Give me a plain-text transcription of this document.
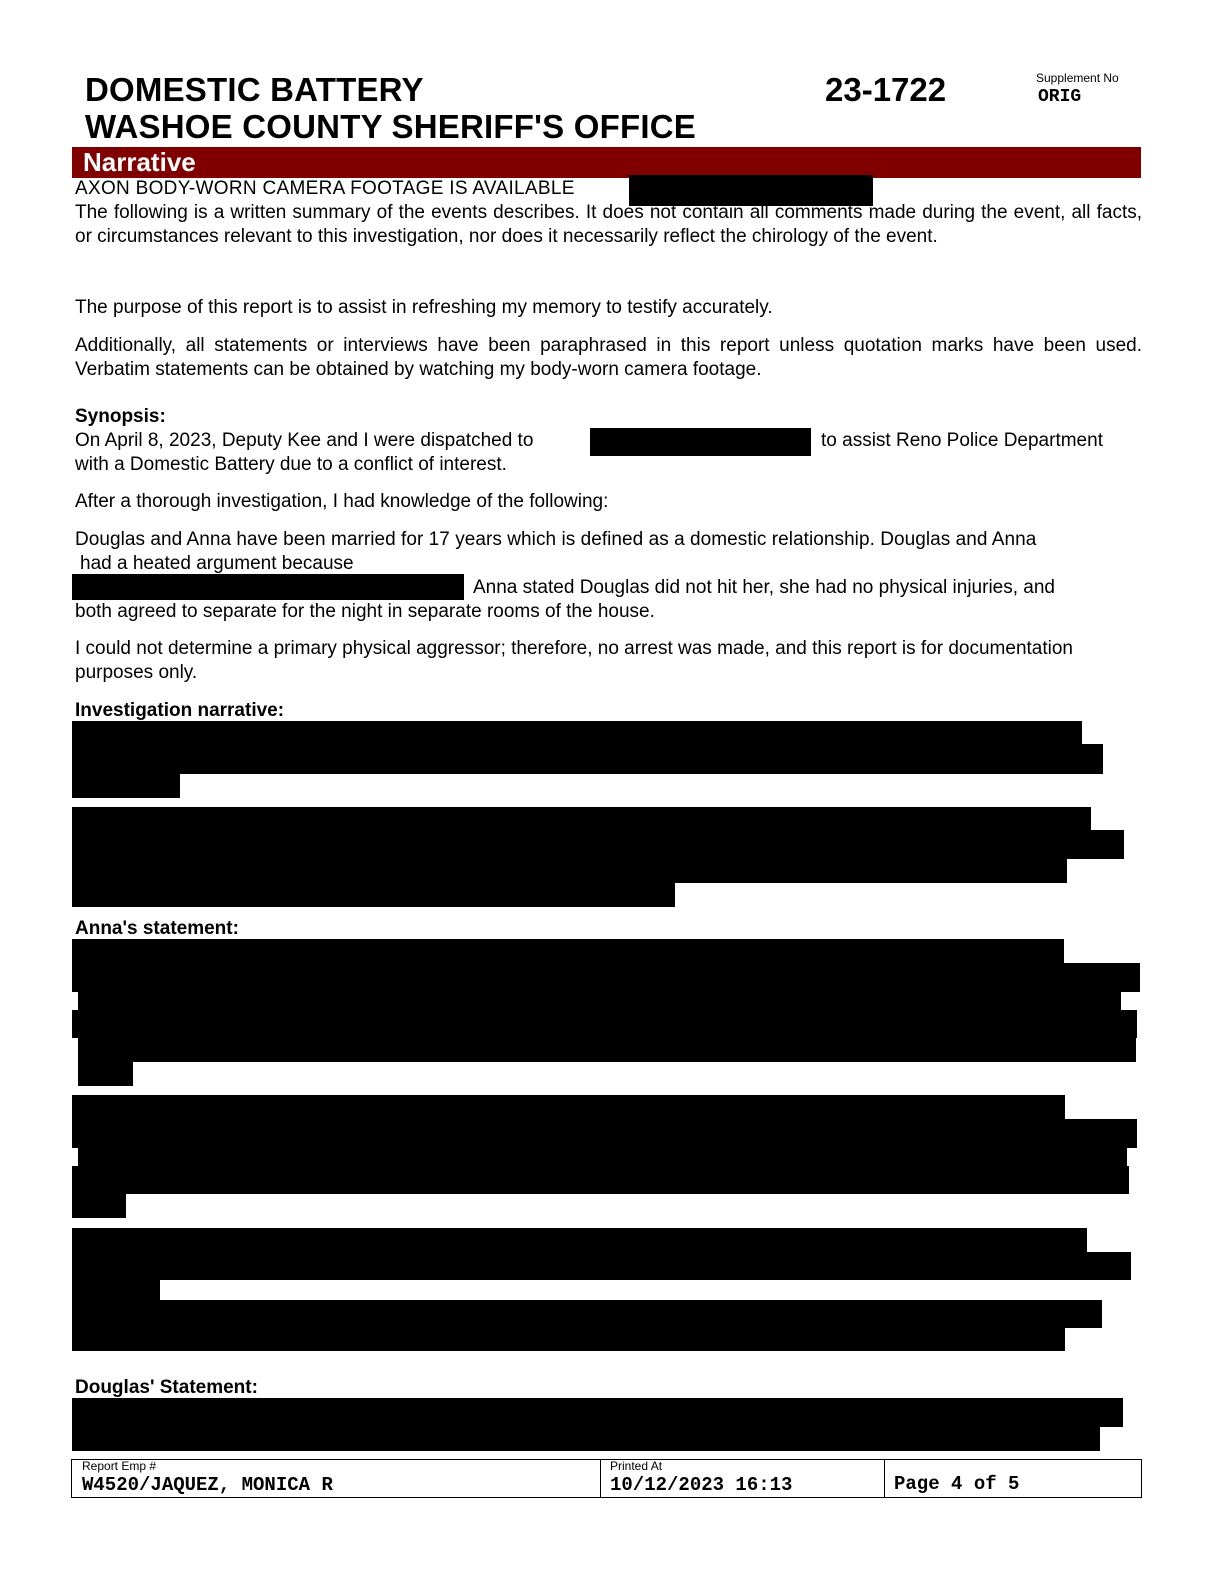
DOMESTIC BATTERY
WASHOE COUNTY SHERIFF'S OFFICE
23-1722	Supplement No
ORIG
Narrative
AXON BODY-WORN CAMERA FOOTAGE IS AVAILABLE
The following is a written summary of the events describes. It does not contain all comments made during the event, all facts, or circumstances relevant to this investigation, nor does it necessarily reflect the chirology of the event.
The purpose of this report is to assist in refreshing my memory to testify accurately.
Additionally, all statements or interviews have been paraphrased in this report unless quotation marks have been used. Verbatim statements can be obtained by watching my body-worn camera footage.
Synopsis:
On April 8, 2023, Deputy Kee and I were dispatched to	to assist Reno Police Department
with a Domestic Battery due to a conflict of interest.
After a thorough investigation, I had knowledge of the following:
Douglas and Anna have been married for 17 years which is defined as a domestic relationship. Douglas and Anna
had a heated argument because
Anna stated Douglas did not hit her, she had no physical injuries, and
both agreed to separate for the night in separate rooms of the house.
I could not determine a primary physical aggressor; therefore, no arrest was made, and this report is for documentation purposes only.
Investigation narrative:
Anna's statement:
Douglas' Statement:
Report Emp #
W4520/JAQUEZ, MONICA R
Printed At
10/12/2023 16:13	Page 4 of 5
